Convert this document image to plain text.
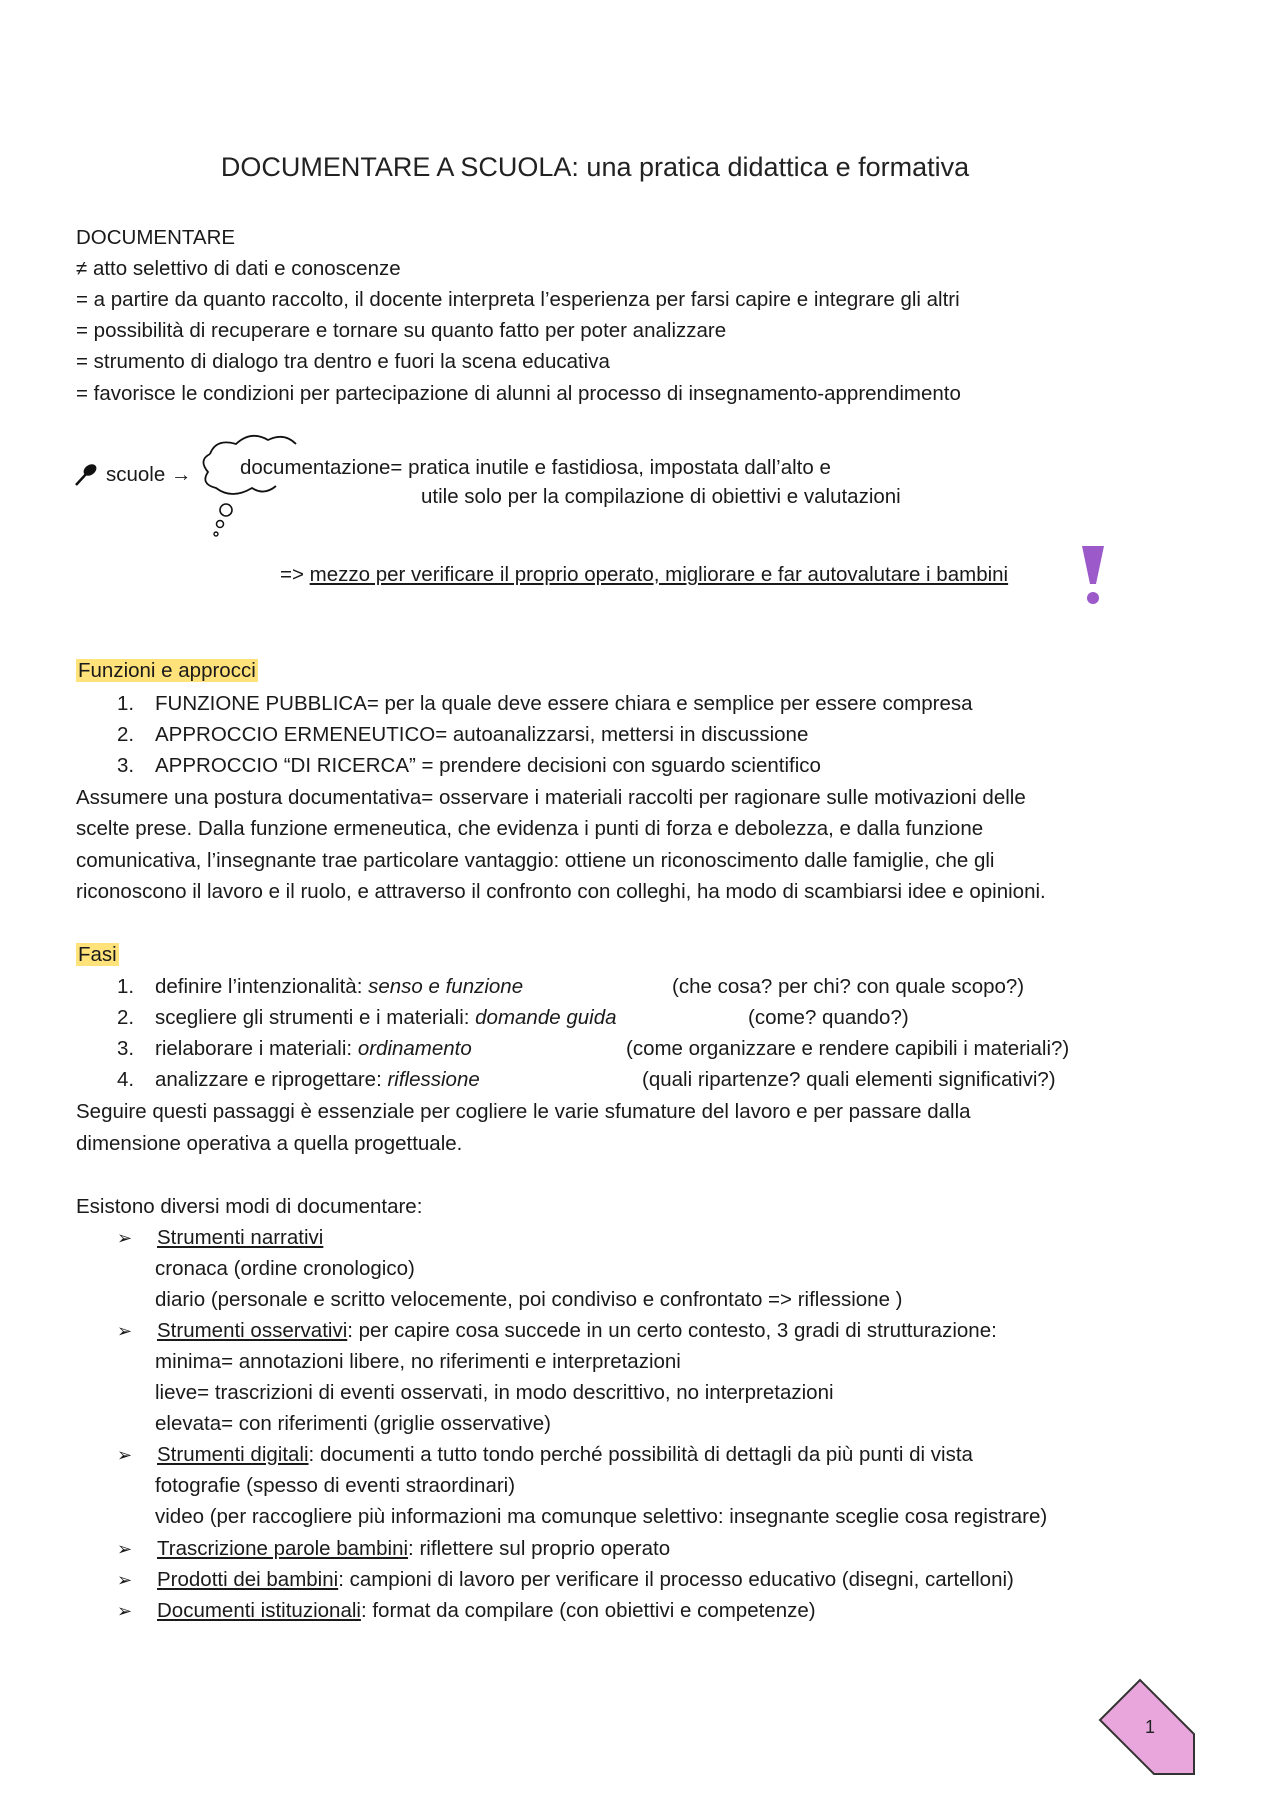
DOCUMENTARE A SCUOLA: una pratica didattica e formativa
DOCUMENTARE
≠ atto selettivo di dati e conoscenze
= a partire da quanto raccolto, il docente interpreta l’esperienza per farsi capire e integrare gli altri
= possibilità di recuperare e tornare su quanto fatto per poter analizzare
= strumento di dialogo tra dentro e fuori la scena educativa
= favorisce le condizioni per partecipazione di alunni al processo di insegnamento-apprendimento
scuole → documentazione= pratica inutile e fastidiosa, impostata dall’alto e
utile solo per la compilazione di obiettivi e valutazioni
=> mezzo per verificare il proprio operato, migliorare e far autovalutare i bambini
Funzioni e approcci
1. FUNZIONE PUBBLICA= per la quale deve essere chiara e semplice per essere compresa
2. APPROCCIO ERMENEUTICO= autoanalizzarsi, mettersi in discussione
3. APPROCCIO “DI RICERCA” = prendere decisioni con sguardo scientifico
Assumere una postura documentativa= osservare i materiali raccolti per ragionare sulle motivazioni delle
scelte prese. Dalla funzione ermeneutica, che evidenza i punti di forza e debolezza, e dalla funzione
comunicativa, l’insegnante trae particolare vantaggio: ottiene un riconoscimento dalle famiglie, che gli
riconoscono il lavoro e il ruolo, e attraverso il confronto con colleghi, ha modo di scambiarsi idee e opinioni.
Fasi
1. definire l’intenzionalità: senso e funzione	(che cosa? per chi? con quale scopo?)
2. scegliere gli strumenti e i materiali: domande guida	(come? quando?)
3. rielaborare i materiali: ordinamento	(come organizzare e rendere capibili i materiali?)
4. analizzare e riprogettare: riflessione	(quali ripartenze? quali elementi significativi?)
Seguire questi passaggi è essenziale per cogliere le varie sfumature del lavoro e per passare dalla
dimensione operativa a quella progettuale.
Esistono diversi modi di documentare:
➢ Strumenti narrativi
cronaca (ordine cronologico)
diario (personale e scritto velocemente, poi condiviso e confrontato => riflessione )
➢ Strumenti osservativi: per capire cosa succede in un certo contesto, 3 gradi di strutturazione:
minima= annotazioni libere, no riferimenti e interpretazioni
lieve= trascrizioni di eventi osservati, in modo descrittivo, no interpretazioni
elevata= con riferimenti (griglie osservative)
➢ Strumenti digitali: documenti a tutto tondo perché possibilità di dettagli da più punti di vista
fotografie (spesso di eventi straordinari)
video (per raccogliere più informazioni ma comunque selettivo: insegnante sceglie cosa registrare)
➢ Trascrizione parole bambini: riflettere sul proprio operato
➢ Prodotti dei bambini: campioni di lavoro per verificare il processo educativo (disegni, cartelloni)
➢ Documenti istituzionali: format da compilare (con obiettivi e competenze)
1
